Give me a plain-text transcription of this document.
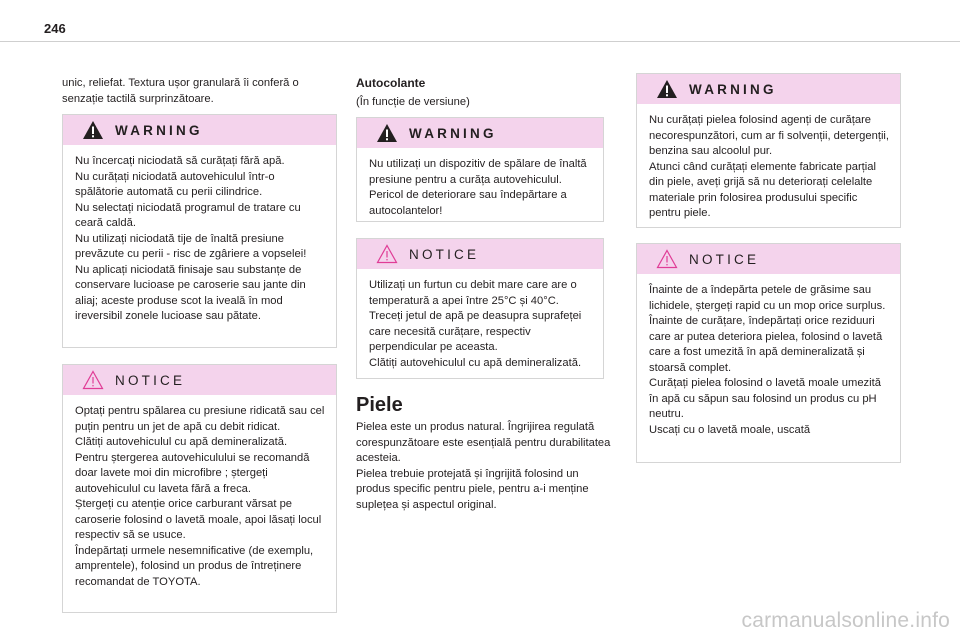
246
unic, reliefat. Textura ușor granulară îi conferă o senzație tactilă surprinzătoare.
WARNING
Nu încercați niciodată să curățați fără apă.
Nu curățați niciodată autovehiculul într-o spălătorie automată cu perii cilindrice.
Nu selectați niciodată programul de tratare cu ceară caldă.
Nu utilizați niciodată tije de înaltă presiune prevăzute cu perii - risc de zgâriere a vopselei!
Nu aplicați niciodată finisaje sau substanțe de conservare lucioase pe caroserie sau jante din aliaj; aceste produse scot la iveală în mod ireversibil zonele lucioase sau pătate.
NOTICE
Optați pentru spălarea cu presiune ridicată sau cel puțin pentru un jet de apă cu debit ridicat.
Clătiți autovehiculul cu apă demineralizată.
Pentru ștergerea autovehiculului se recomandă doar lavete moi din microfibre ; ștergeți autovehiculul cu laveta fără a freca.
Ștergeți cu atenție orice carburant vărsat pe caroserie folosind o lavetă moale, apoi lăsați locul respectiv să se usuce.
Îndepărtați urmele nesemnificative (de exemplu, amprentele), folosind un produs de întreținere recomandat de TOYOTA.
Autocolante
(În funcție de versiune)
WARNING
Nu utilizați un dispozitiv de spălare de înaltă presiune pentru a curăța autovehiculul.
Pericol de deteriorare sau îndepărtare a autocolantelor!
NOTICE
Utilizați un furtun cu debit mare care are o temperatură a apei între 25°C și 40°C.
Treceți jetul de apă pe deasupra suprafeței care necesită curățare, respectiv perpendicular pe aceasta.
Clătiți autovehiculul cu apă demineralizată.
Piele
Pielea este un produs natural. Îngrijirea regulată corespunzătoare este esențială pentru durabilitatea acesteia.
Pielea trebuie protejată și îngrijită folosind un produs specific pentru piele, pentru a-i menține suplețea și aspectul original.
WARNING
Nu curățați pielea folosind agenți de curățare necorespunzători, cum ar fi solvenții, detergenții, benzina sau alcoolul pur.
Atunci când curățați elemente fabricate parțial din piele, aveți grijă să nu deteriorați celelalte materiale prin folosirea produsului specific pentru piele.
NOTICE
Înainte de a îndepărta petele de grăsime sau lichidele, ștergeți rapid cu un mop orice surplus.
Înainte de curățare, îndepărtați orice reziduuri care ar putea deteriora pielea, folosind o lavetă care a fost umezită în apă demineralizată și stoarsă complet.
Curățați pielea folosind o lavetă moale umezită în apă cu săpun sau folosind un produs cu pH neutru.
Uscați cu o lavetă moale, uscată
carmanualsonline.info
